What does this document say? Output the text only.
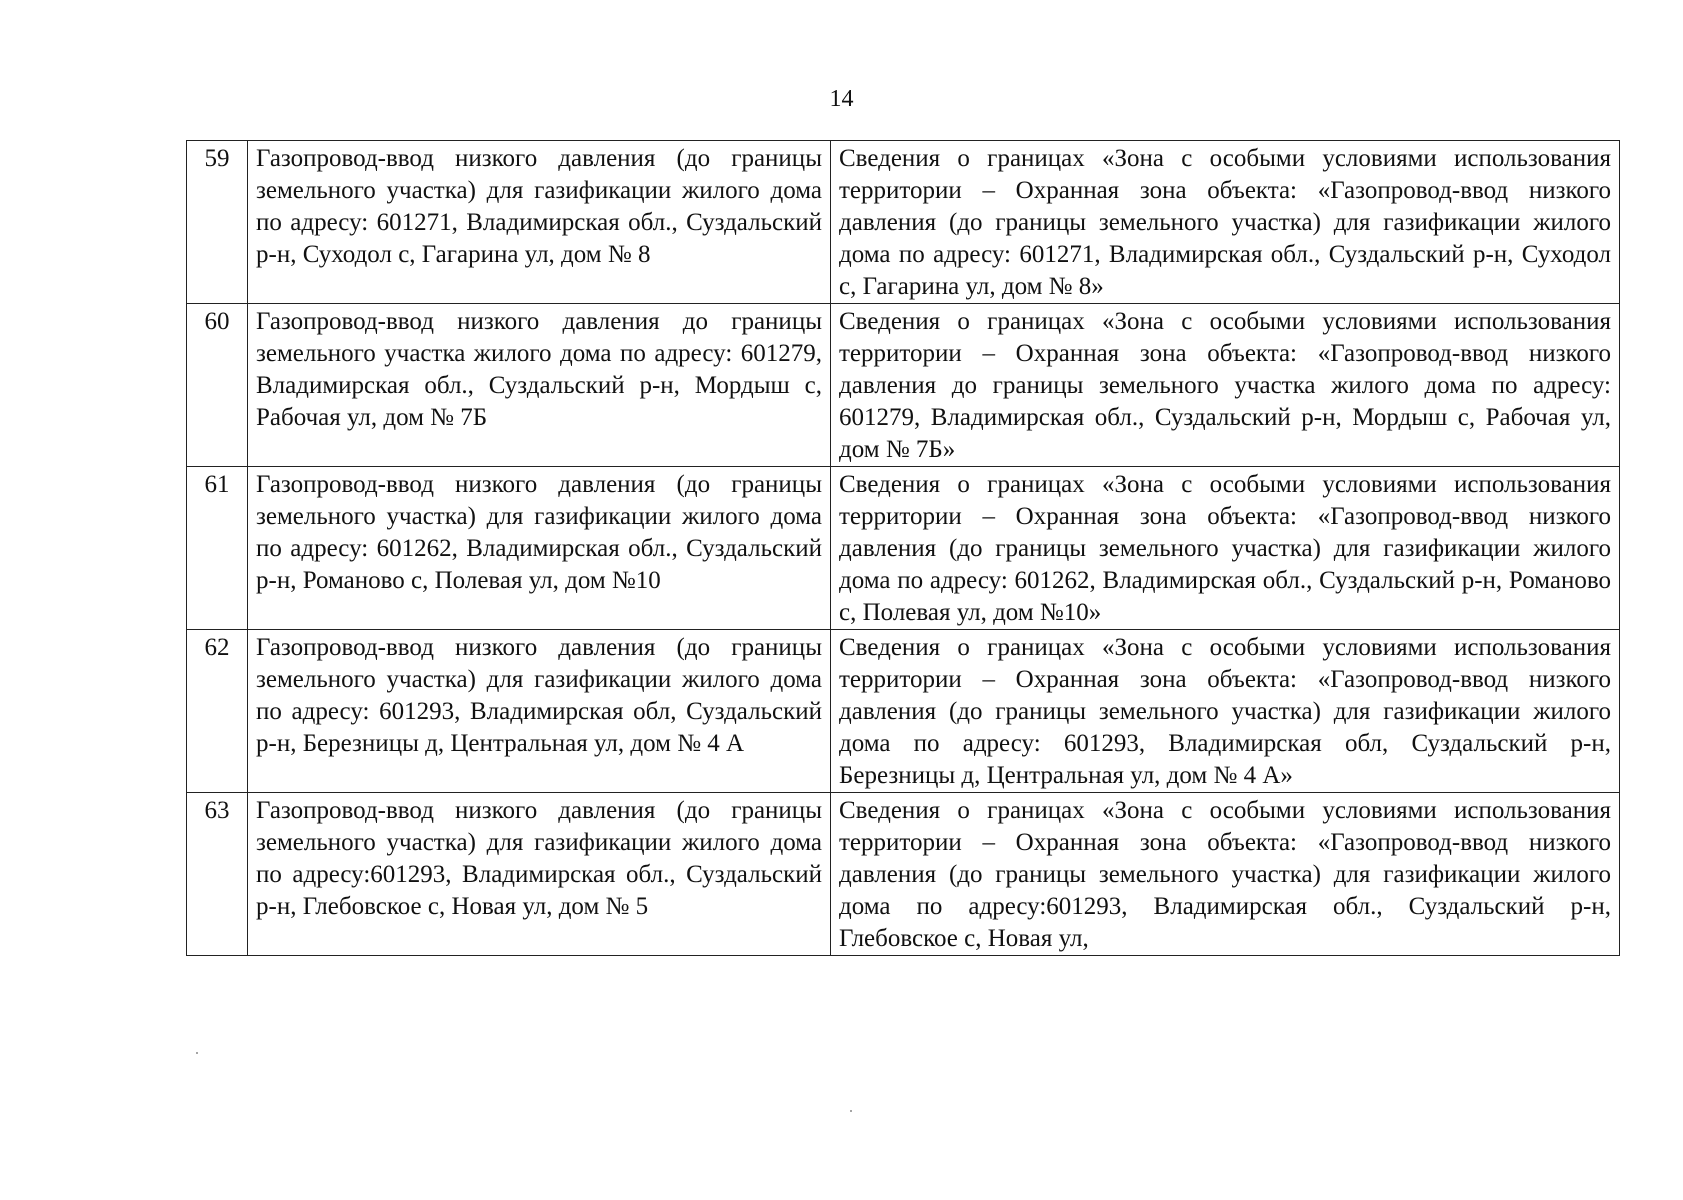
14
59	Газопровод-ввод низкого давления (до границы земельного участка) для газификации жилого дома по адресу: 601271, Владимирская обл., Суздальский р-н, Суходол с, Гагарина ул, дом № 8	Сведения о границах «Зона с особыми условиями использования территории – Охранная зона объекта: «Газопровод-ввод низкого давления (до границы земельного участка) для газификации жилого дома по адресу: 601271, Владимирская обл., Суздальский р-н, Суходол с, Гагарина ул, дом № 8»
60	Газопровод-ввод низкого давления до границы земельного участка жилого дома по адресу: 601279, Владимирская обл., Суздальский р-н, Мордыш с, Рабочая ул, дом № 7Б	Сведения о границах «Зона с особыми условиями использования территории – Охранная зона объекта: «Газопровод-ввод низкого давления до границы земельного участка жилого дома по адресу: 601279, Владимирская обл., Суздальский р-н, Мордыш с, Рабочая ул, дом № 7Б»
61	Газопровод-ввод низкого давления (до границы земельного участка) для газификации жилого дома по адресу: 601262, Владимирская обл., Суздальский р-н, Романово с, Полевая ул, дом №10	Сведения о границах «Зона с особыми условиями использования территории – Охранная зона объекта: «Газопровод-ввод низкого давления (до границы земельного участка) для газификации жилого дома по адресу: 601262, Владимирская обл., Суздальский р-н, Романово с, Полевая ул, дом №10»
62	Газопровод-ввод низкого давления (до границы земельного участка) для газификации жилого дома по адресу: 601293, Владимирская обл, Суздальский р-н, Березницы д, Центральная ул, дом № 4 А	Сведения о границах «Зона с особыми условиями использования территории – Охранная зона объекта: «Газопровод-ввод низкого давления (до границы земельного участка) для газификации жилого дома по адресу: 601293, Владимирская обл, Суздальский р-н, Березницы д, Центральная ул, дом № 4 А»
63	Газопровод-ввод низкого давления (до границы земельного участка) для газификации жилого дома по адресу:601293, Владимирская обл., Суздальский р-н, Глебовское с, Новая ул, дом № 5	Сведения о границах «Зона с особыми условиями использования территории – Охранная зона объекта: «Газопровод-ввод низкого давления (до границы земельного участка) для газификации жилого дома по адресу:601293, Владимирская обл., Суздальский р-н, Глебовское с, Новая ул,
